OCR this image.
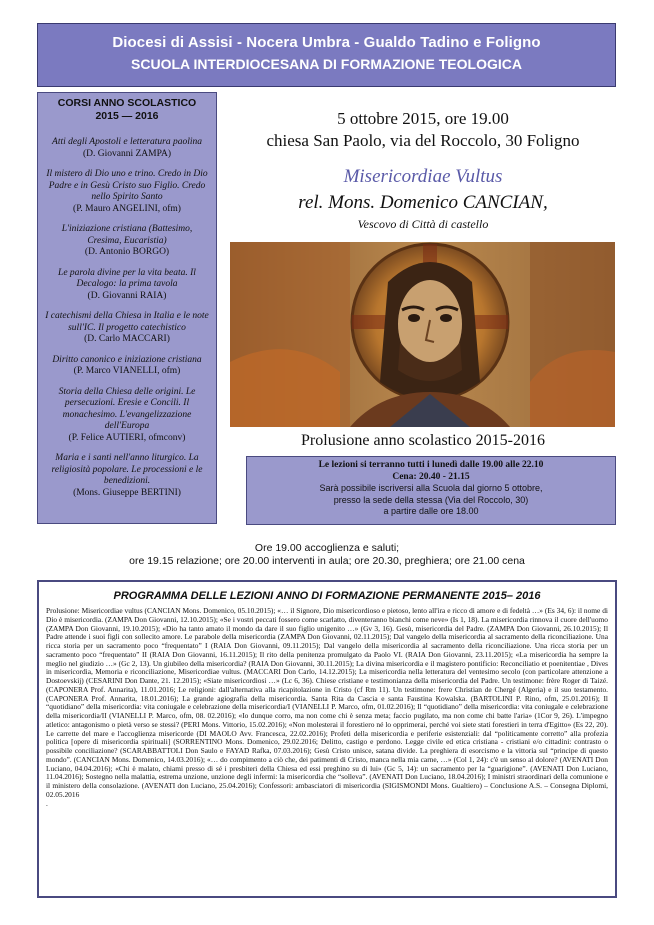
Diocesi di Assisi - Nocera Umbra - Gualdo Tadino e Foligno
SCUOLA INTERDIOCESANA DI FORMAZIONE TEOLOGICA
CORSI ANNO SCOLASTICO
2015 — 2016
Atti degli Apostoli e letteratura paolina
(D. Giovanni ZAMPA)
Il mistero di Dio uno e trino. Credo in Dio Padre e in Gesù Cristo suo Figlio. Credo nello Spirito Santo
(P. Mauro ANGELINI, ofm)
L'iniziazione cristiana (Battesimo, Cresima, Eucaristia)
(D. Antonio BORGO)
Le parola divine per la vita beata. Il Decalogo: la prima tavola
(D. Giovanni RAIA)
I catechismi della Chiesa in Italia e le note sull'IC. Il progetto catechistico
(D. Carlo MACCARI)
Diritto canonico e iniziazione cristiana
(P. Marco VIANELLI, ofm)
Storia della Chiesa delle origini. Le persecuzioni. Eresie e Concili. Il monachesimo. L'evangelizzazione dell'Europa
(P. Felice AUTIERI, ofmconv)
Maria e i santi nell'anno liturgico. La religiosità popolare. Le processioni e le benedizioni.
(Mons. Giuseppe BERTINI)
5 ottobre 2015, ore 19.00
chiesa San Paolo, via del Roccolo, 30 Foligno
Misericordiae Vultus
rel. Mons. Domenico CANCIAN,
Vescovo di Città di castello
Prolusione anno scolastico 2015-2016
Le lezioni si terranno tutti i lunedì dalle 19.00 alle 22.10
Cena: 20.40 - 21.15
Sarà possibile iscriversi alla Scuola dal giorno 5 ottobre,
presso la sede della stessa (Via del Roccolo, 30)
a partire dalle ore 18.00
Ore 19.00 accoglienza e saluti;
ore 19.15 relazione; ore 20.00 interventi in aula; ore 20.30, preghiera; ore 21.00 cena
PROGRAMMA DELLE LEZIONI ANNO DI FORMAZIONE PERMANENTE 2015– 2016
Prolusione: Misericordiae vultus (CANCIAN Mons. Domenico, 05.10.2015); «… il Signore, Dio misericordioso e pietoso, lento all'ira e ricco di amore e di fedeltà …» (Es 34, 6): il nome di Dio è misericordia. (ZAMPA Don Giovanni, 12.10.2015); «Se i vostri peccati fossero come scarlatto, diventeranno bianchi come neve» (Is 1, 18). La misericordia rinnova il cuore dell'uomo (ZAMPA Don Giovanni, 19.10.2015); «Dio ha tanto amato il mondo da dare il suo figlio unigenito …» (Gv 3, 16). Gesù, misericordia del Padre. (ZAMPA Don Giovanni, 26.10.2015); Il Padre attende i suoi figli con sollecito amore. Le parabole della misericordia (ZAMPA Don Giovanni, 02.11.2015); Dal vangelo della misericordia al sacramento della riconciliazione. Una ricca storia per un sacramento poco “frequentato” I (RAIA Don Giovanni, 09.11.2015); Dal vangelo della misericordia al sacramento della riconciliazione. Una ricca storia per un sacramento poco “frequentato” II (RAIA Don Giovanni, 16.11.2015); Il rito della penitenza promulgato da Paolo VI. (RAIA Don Giovanni, 23.11.2015); «La misericordia ha sempre la meglio nel giudizio …» (Gc 2, 13). Un giubileo della misericordia? (RAIA Don Giovanni, 30.11.2015); La divina misericordia e il magistero pontificio: Reconciliatio et poenitentiae , Dives in misericordia, Memoria e riconciliazione, Misericordiae vultus. (MACCARI Don Carlo, 14.12.2015); La misericordia nella letteratura del ventesimo secolo (con particolare attenzione a Dostoevskij) (CESARINI Don Dante, 21. 12.2015); «Siate misericordiosi …» (Lc 6, 36). Chiese cristiane e testimonianza della misericordia del Padre. Un testimone: frère Roger di Taizé. (CAPONERA Prof. Annarita), 11.01.2016; Le religioni: dall'alternativa alla ricapitolazione in Cristo (cf Rm 11). Un testimone: frere Christian de Chergé (Algeria) e il suo testamento. (CAPONERA Prof. Annarita, 18.01.2016); La grande agiografia della misericordia. Santa Rita da Cascia e santa Faustina Kowalska. (BARTOLINI P. Rino, ofm, 25.01.2016); Il “quotidiano” della misericordia: vita coniugale e celebrazione della misericordia/I (VIANELLI P. Marco, ofm, 01.02.2016); Il “quotidiano” della misericordia: vita coniugale e celebrazione della misericordia/II (VIANELLI P. Marco, ofm, 08. 02.2016); «Io dunque corro, ma non come chi è senza meta; faccio pugilato, ma non come chi batte l'aria» (1Cor 9, 26). L'impegno atletico: antagonismo o pietà verso se stessi? (PERI Mons. Vittorio, 15.02.2016); «Non molesterai il forestiero né lo opprimerai, perché voi siete stati forestieri in terra d'Egitto» (Es 22, 20). Le carrette del mare e l'accoglienza misericorde (DI MAOLO Avv. Francesca, 22.02.2016); Profeti della misericordia e periferie esistenziali: dal “politicamente corretto” alla profezia politica [opere di misericordia spirituali] (SORRENTINO Mons. Domenico, 29.02.2016; Delitto, castigo e perdono. Legge civile ed etica cristiana - cristiani e/o cittadini: contrasto o possibile conciliazione? (SCARABBATTOLI Don Saulo e FAYAD Rafka, 07.03.2016); Gesù Cristo unisce, satana divide. La preghiera di esorcismo e la vittoria sul “principe di questo mondo”. (CANCIAN Mons. Domenico, 14.03.2016); «… do compimento a ciò che, dei patimenti di Cristo, manca nella mia carne, …» (Col 1, 24): c'è un senso al dolore? (AVENATI Don Luciano, 04.04.2016); «Chi è malato, chiami presso di sé i presbiteri della Chiesa ed essi preghino su di lui» (Gc 5, 14): un sacramento per la “guarigione”. (AVENATI Don Luciano, 11.04.2016); Sostegno nella malattia, estrema unzione, unzione degli infermi: la misericordia che “solleva”. (AVENATI Don Luciano, 18.04.2016); I ministri straordinari della comunione e il ministero della consolazione. (AVENATI don Luciano, 25.04.2016); Confessori: ambasciatori di misericordia (SIGISMONDI Mons. Gualtiero) – Conclusione A.S. – Consegna Diplomi, 02.05.2016
.
